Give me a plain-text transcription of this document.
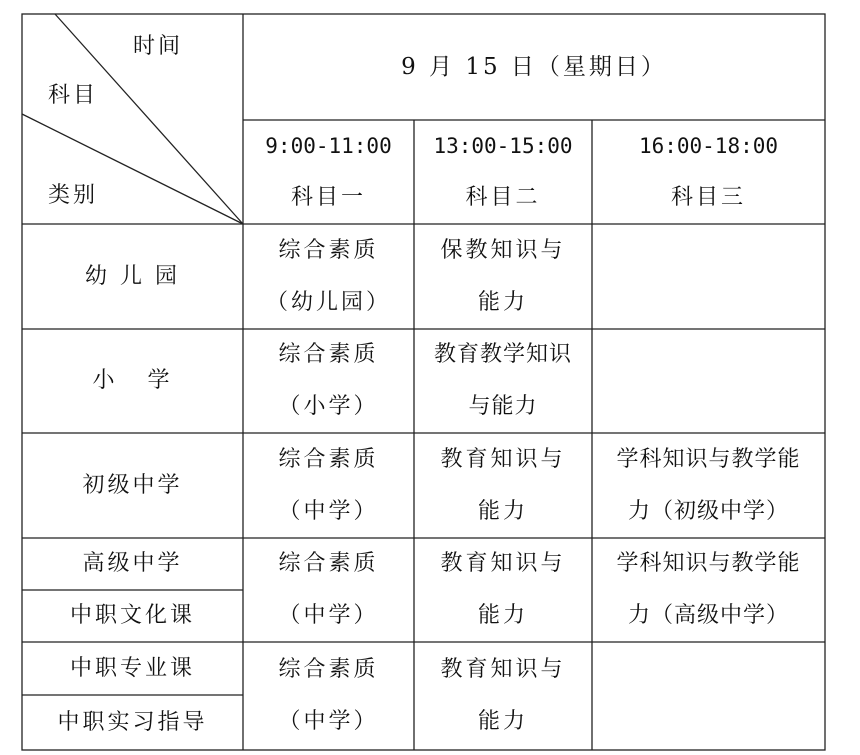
时间
科目
类别
9 月 15 日（星期日）
9:00-11:00
科目一
13:00-15:00
科目二
16:00-18:00
科目三
幼 儿 园
综合素质
（幼儿园）
保教知识与
能力
小   学
综合素质
（小学）
教育教学知识
与能力
初级中学
综合素质
（中学）
教育知识与
能力
学科知识与教学能
力（初级中学）
高级中学
中职文化课
综合素质
（中学）
教育知识与
能力
学科知识与教学能
力（高级中学）
中职专业课
中职实习指导
综合素质
（中学）
教育知识与
能力
